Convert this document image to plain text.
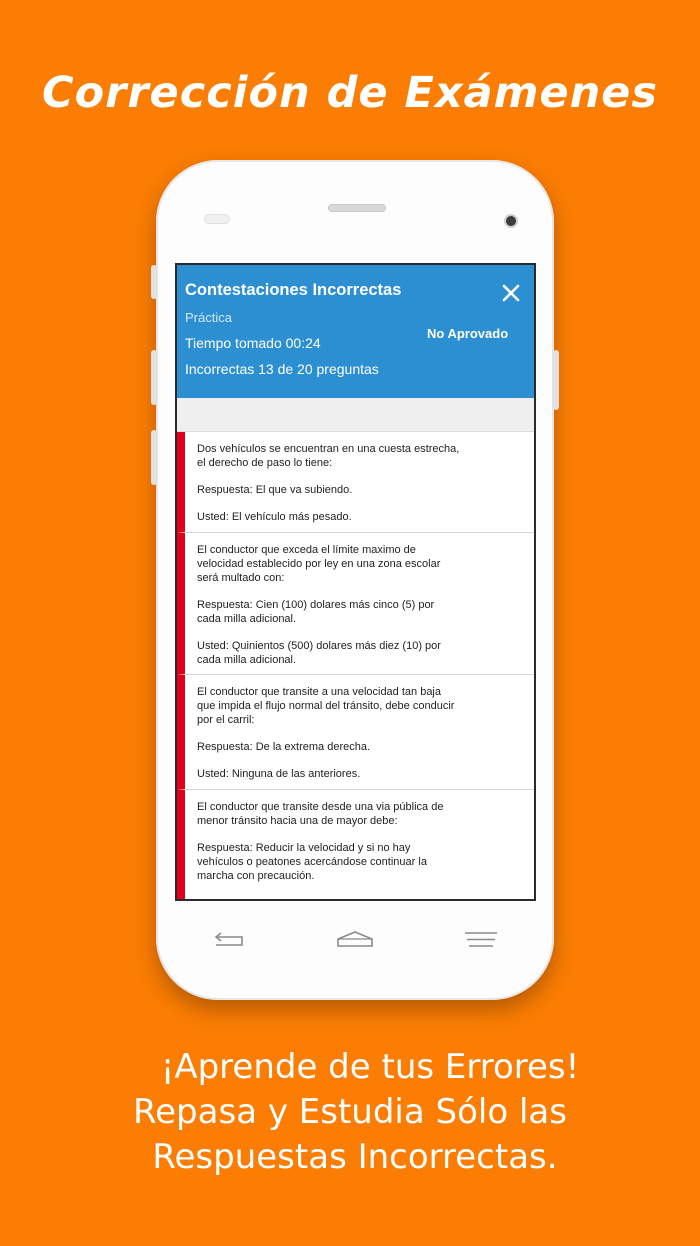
Corrección de Exámenes
Contestaciones Incorrectas
Práctica
Tiempo tomado 00:24
Incorrectas 13 de 20 preguntas
No Aprovado

Dos vehículos se encuentran en una cuesta estrecha,
el derecho de paso lo tiene:

Respuesta: El que va subiendo.

Usted: El vehículo más pesado.

El conductor que exceda el límite maximo de
velocidad establecido por ley en una zona escolar
será multado con:

Respuesta: Cien (100) dolares más cinco (5) por
cada milla adicional.

Usted: Quinientos (500) dolares más diez (10) por
cada milla adicional.

El conductor que transite a una velocidad tan baja
que impida el flujo normal del tránsito, debe conducir
por el carril:

Respuesta: De la extrema derecha.

Usted: Ninguna de las anteriores.

El conductor que transite desde una via pública de
menor tránsito hacia una de mayor debe:

Respuesta: Reducir la velocidad y si no hay
vehículos o peatones acercándose continuar la
marcha con precaución.

¡Aprende de tus Errores!
Repasa y Estudia Sólo las
Respuestas Incorrectas.
